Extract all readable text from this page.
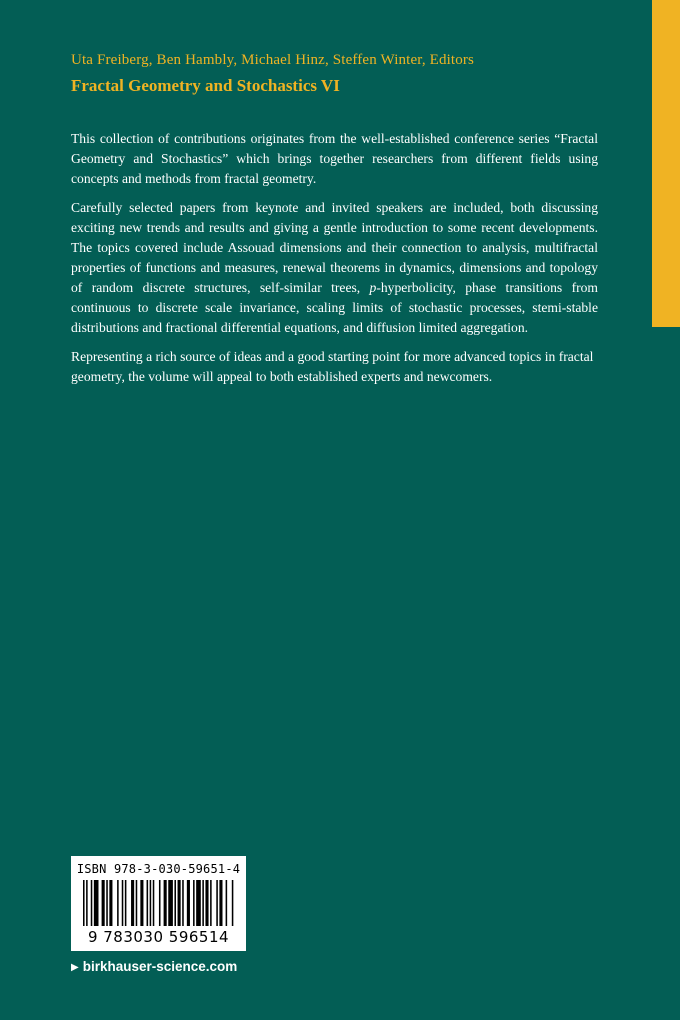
Uta Freiberg, Ben Hambly, Michael Hinz, Steffen Winter, Editors
Fractal Geometry and Stochastics VI

This collection of contributions originates from the well-established conference series “Fractal Geometry and Stochastics” which brings together researchers from different fields using concepts and methods from fractal geometry.

Carefully selected papers from keynote and invited speakers are included, both discussing exciting new trends and results and giving a gentle introduction to some recent developments. The topics covered include Assouad dimensions and their connection to analysis, multifractal properties of functions and measures, renewal theorems in dynamics, dimensions and topology of random discrete structures, self-similar trees, p-hyperbolicity, phase transitions from continuous to discrete scale invariance, scaling limits of stochastic processes, stemi-stable distributions and fractional differential equations, and diffusion limited aggregation.

Representing a rich source of ideas and a good starting point for more advanced topics in fractal geometry, the volume will appeal to both established experts and newcomers.

ISBN 978-3-030-59651-4
9 783030 596514
▶ birkhauser-science.com
